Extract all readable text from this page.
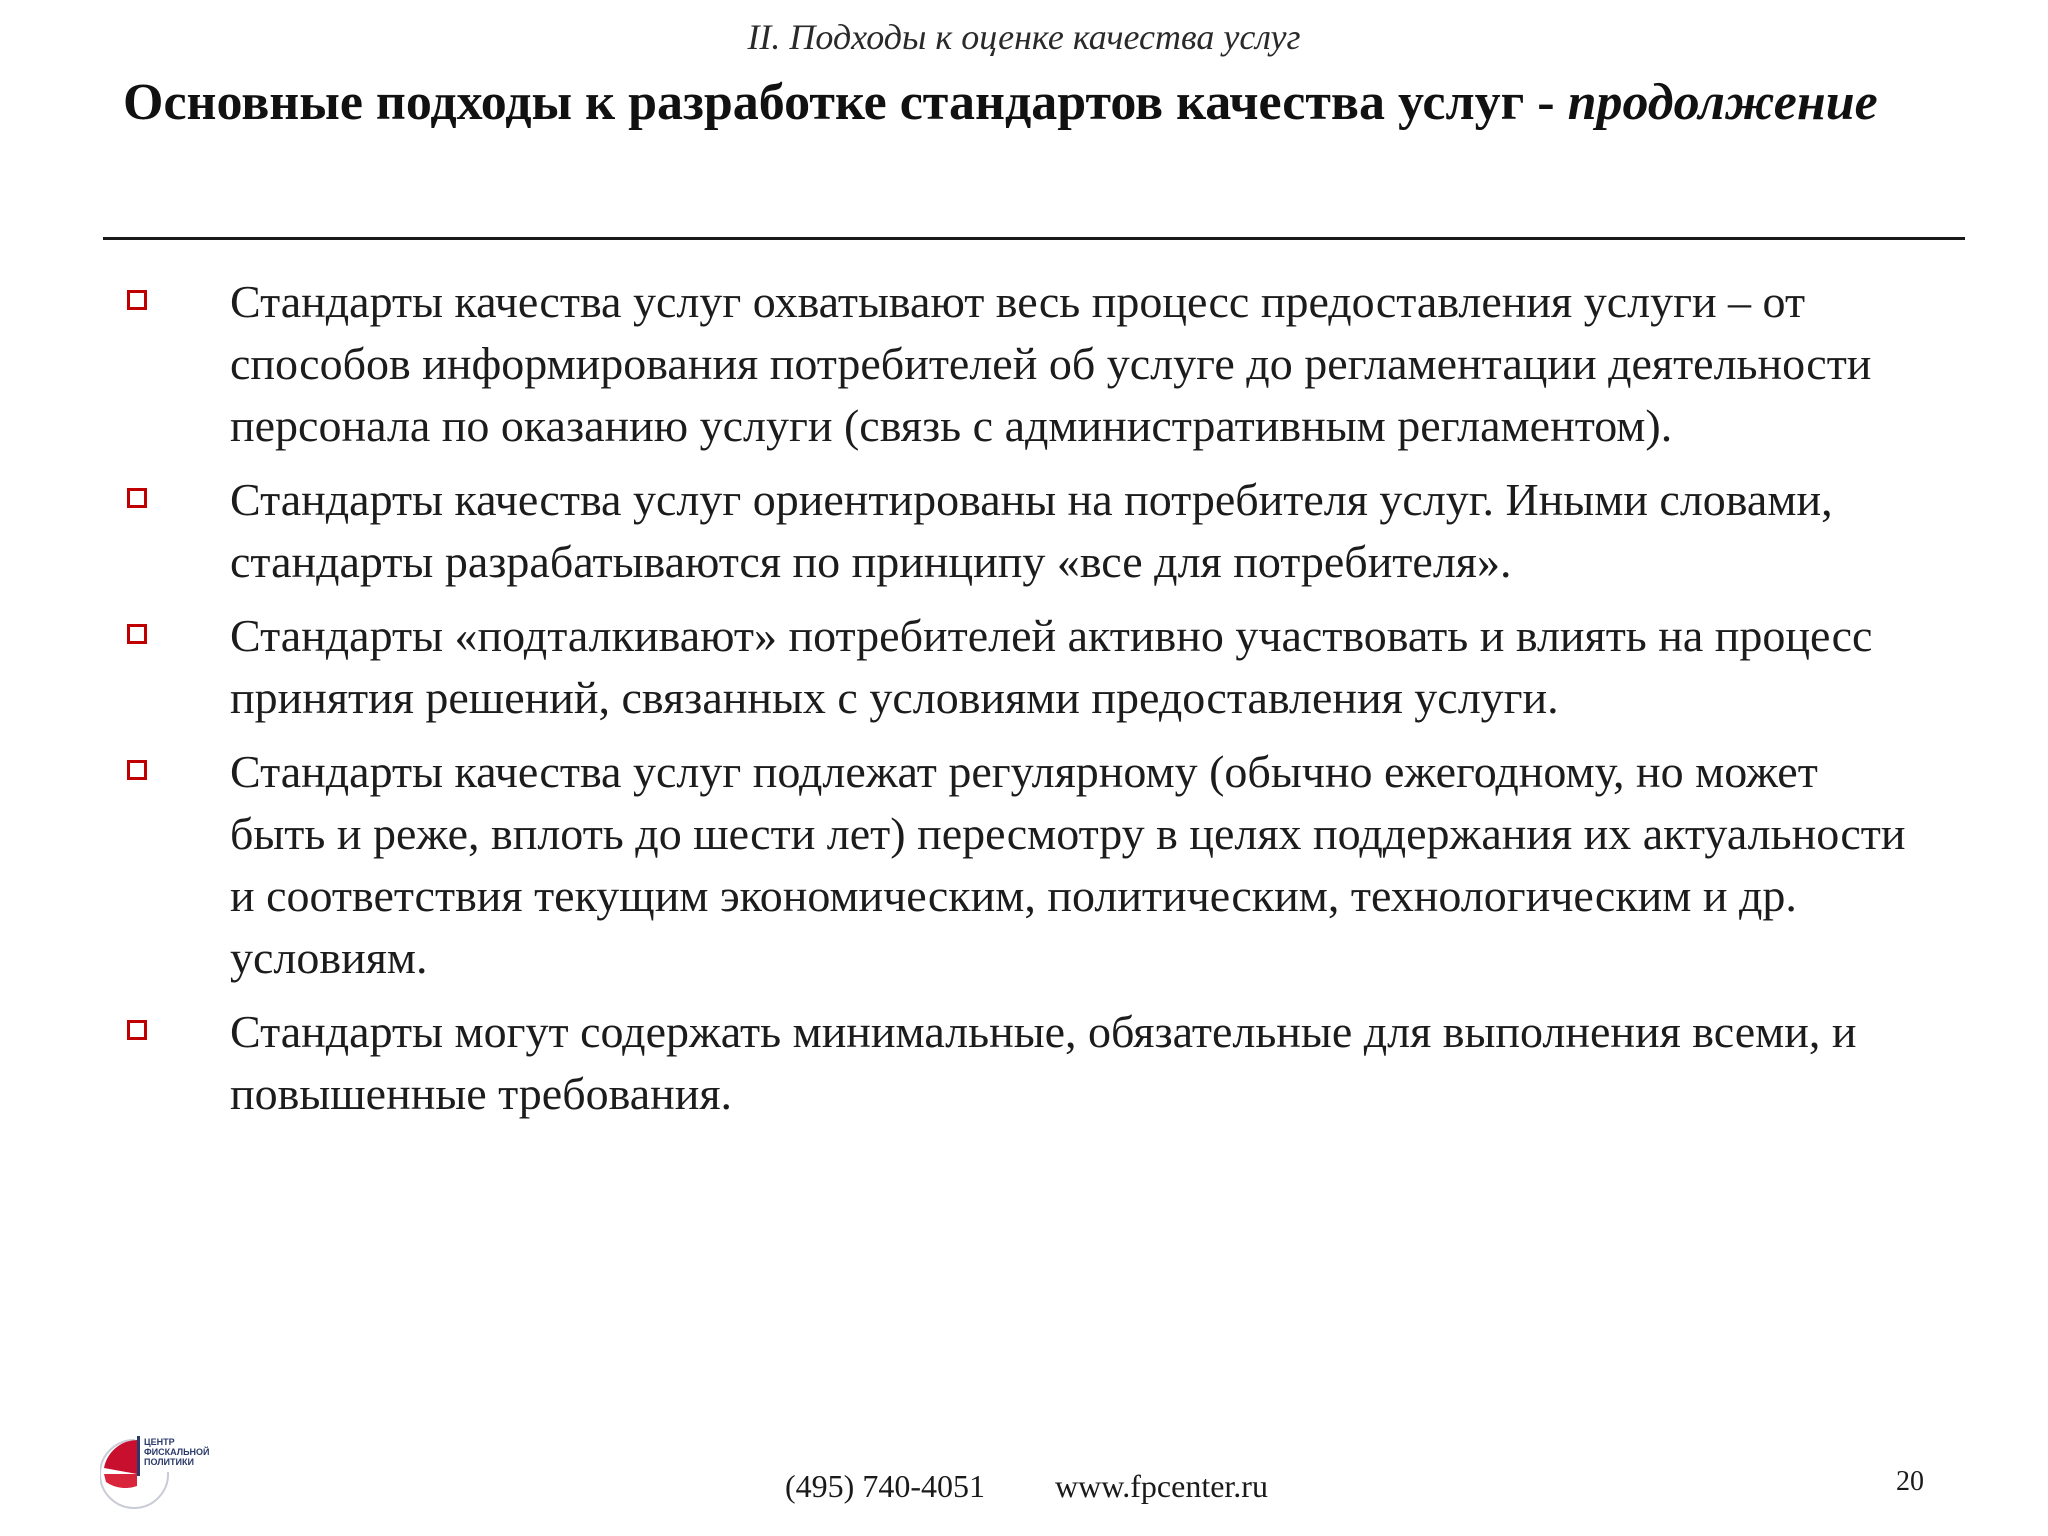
II. Подходы к оценке качества услуг
Основные подходы к разработке стандартов качества услуг - продолжение
Стандарты качества услуг охватывают весь процесс предоставления услуги – от способов информирования потребителей об услуге до регламентации деятельности персонала по оказанию услуги (связь с административным регламентом).
Стандарты качества услуг ориентированы на потребителя услуг. Иными словами, стандарты разрабатываются по принципу «все для потребителя».
Стандарты «подталкивают» потребителей активно участвовать и влиять на процесс принятия решений, связанных с условиями предоставления услуги.
Стандарты качества услуг подлежат регулярному (обычно ежегодному, но может быть и реже, вплоть до шести лет) пересмотру в целях поддержания их актуальности и соответствия текущим экономическим, политическим, технологическим и др. условиям.
Стандарты могут содержать минимальные, обязательные для выполнения всеми, и повышенные требования.
ЦЕНТР
ФИСКАЛЬНОЙ
ПОЛИТИКИ
(495) 740-4051 www.fpcenter.ru	20
